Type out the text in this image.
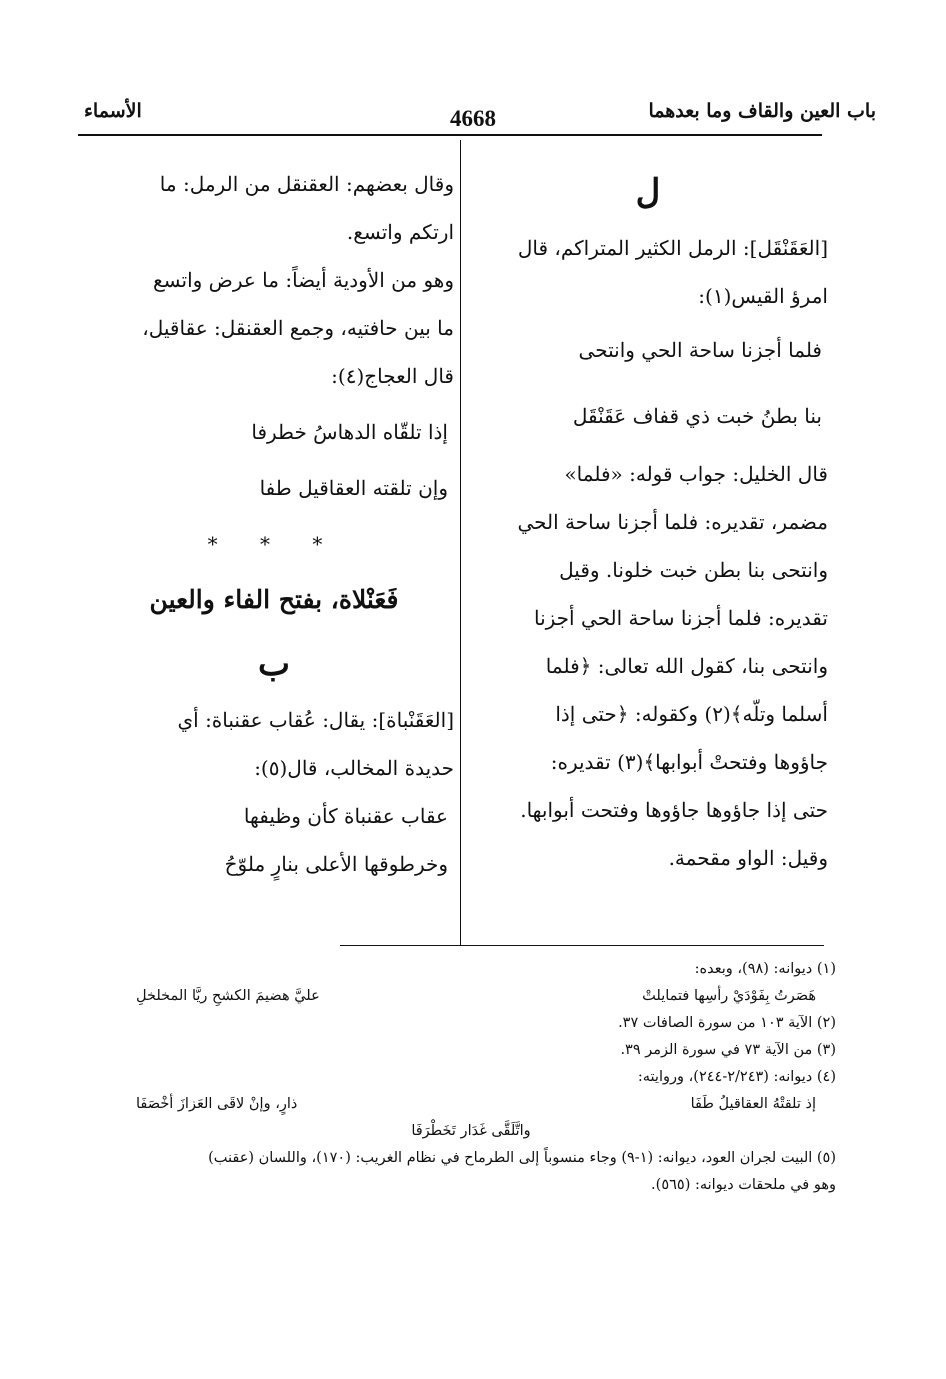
باب العين والقاف وما بعدهما
4668
الأسماء
ل
[العَقَنْقَل]: الرمل الكثير المتراكم، قال
امرؤ القيس(١):
فلما أجزنا ساحة الحي وانتحى
بنا بطنُ خبت ذي قفاف عَقَنْقَل
قال الخليل: جواب قوله: «فلما»
مضمر، تقديره: فلما أجزنا ساحة الحي
وانتحى بنا بطن خبت خلونا. وقيل
تقديره: فلما أجزنا ساحة الحي أجزنا
وانتحى بنا، كقول الله تعالى: ﴿فلما
أسلما وتلّه﴾(٢) وكقوله: ﴿حتى إذا
جاؤوها وفتحتْ أبوابها﴾(٣) تقديره:
حتى إذا جاؤوها جاؤوها وفتحت أبوابها.
وقيل: الواو مقحمة.
وقال بعضهم: العقنقل من الرمل: ما
ارتكم واتسع.
وهو من الأودية أيضاً: ما عرض واتسع
ما بين حافتيه، وجمع العقنقل: عقاقيل،
قال العجاج(٤):
إذا تلقّاه الدهاسُ خطرفا
وإن تلقته العقاقيل طفا
* * *
فَعَنْلاة، بفتح الفاء والعين
ب
[العَقَنْباة]: يقال: عُقاب عقنباة: أي
حديدة المخالب، قال(٥):
عقاب عقنباة كأن وظيفها
وخرطوقها الأعلى بنارٍ ملوّحُ
(١) ديوانه: (٩٨)، وبعده:
هَصَرتُ بِفَوْدَيْ رأسِها فتمايلتْ
عليَّ هضيمَ الكشحِ ريَّا المخلخلِ
(٢) الآية ١٠٣ من سورة الصافات ٣٧.
(٣) من الآية ٧٣ في سورة الزمر ٣٩.
(٤) ديوانه: (٢/٢٤٣-٢٤٤)، وروايته:
إذ تلقتْهُ العقاقيلُ طَفَا
ذارٍ، وإنْ لاقَى العَزازَ أخْصَفَا
واتَّلَقَّى غَدَار تَخَطْرَفَا
(٥) البيت لجران العود، ديوانه: (١-٩) وجاء منسوباً إلى الطرماح في نظام الغريب: (١٧٠)، واللسان (عقنب)
وهو في ملحقات ديوانه: (٥٦٥).
